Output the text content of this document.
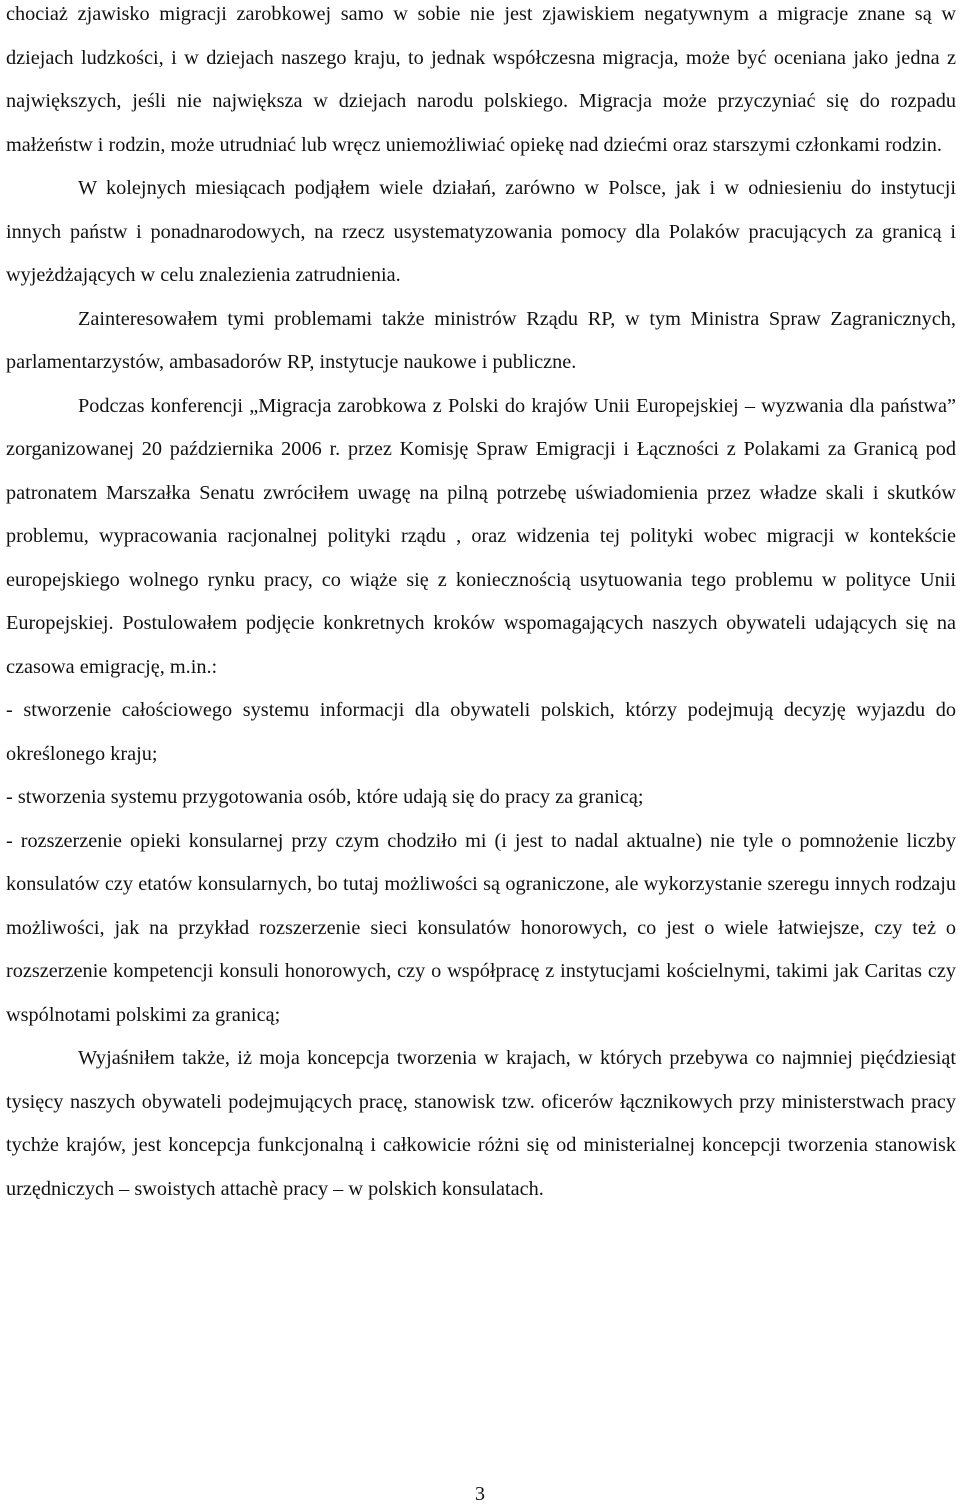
chociaż zjawisko migracji zarobkowej samo w sobie nie jest zjawiskiem negatywnym a migracje znane są w dziejach ludzkości, i w dziejach naszego kraju, to jednak współczesna migracja, może być oceniana jako jedna z największych, jeśli nie największa w dziejach narodu polskiego. Migracja może przyczyniać się do rozpadu małżeństw i rodzin, może utrudniać lub wręcz uniemożliwiać opiekę nad dziećmi oraz starszymi członkami rodzin.

W kolejnych miesiącach podjąłem wiele działań, zarówno w Polsce, jak i w odniesieniu do instytucji innych państw i ponadnarodowych, na rzecz usystematyzowania pomocy dla Polaków pracujących za granicą i wyjeżdżających w celu znalezienia zatrudnienia.

Zainteresowałem tymi problemami także ministrów Rządu RP, w tym Ministra Spraw Zagranicznych, parlamentarzystów, ambasadorów RP, instytucje naukowe i publiczne.

Podczas konferencji „Migracja zarobkowa z Polski do krajów Unii Europejskiej – wyzwania dla państwa” zorganizowanej 20 października 2006 r. przez Komisję Spraw Emigracji i Łączności z Polakami za Granicą pod patronatem Marszałka Senatu zwróciłem uwagę na pilną potrzebę uświadomienia przez władze skali i skutków problemu, wypracowania racjonalnej polityki rządu , oraz widzenia tej polityki wobec migracji w kontekście europejskiego wolnego rynku pracy, co wiąże się z koniecznością usytuowania tego problemu w polityce Unii Europejskiej. Postulowałem podjęcie konkretnych kroków wspomagających naszych obywateli udających się na czasowa emigrację, m.in.:

- stworzenie całościowego systemu informacji dla obywateli polskich, którzy podejmują decyzję wyjazdu do określonego kraju;

- stworzenia systemu przygotowania osób, które udają się do pracy za granicą;

- rozszerzenie opieki konsularnej przy czym chodziło mi (i jest to nadal aktualne) nie tyle o pomnożenie liczby konsulatów czy etatów konsularnych, bo tutaj możliwości są ograniczone, ale wykorzystanie szeregu innych rodzaju możliwości, jak na przykład rozszerzenie sieci konsulatów honorowych, co jest o wiele łatwiejsze, czy też o rozszerzenie kompetencji konsuli honorowych, czy o współpracę z instytucjami kościelnymi, takimi jak Caritas czy wspólnotami polskimi za granicą;

Wyjaśniłem także, iż moja koncepcja tworzenia w krajach, w których przebywa co najmniej pięćdziesiąt tysięcy naszych obywateli podejmujących pracę, stanowisk tzw. oficerów łącznikowych przy ministerstwach pracy tychże krajów, jest koncepcja funkcjonalną i całkowicie różni się od ministerialnej koncepcji tworzenia stanowisk urzędniczych – swoistych attachè pracy – w polskich konsulatach.

3
